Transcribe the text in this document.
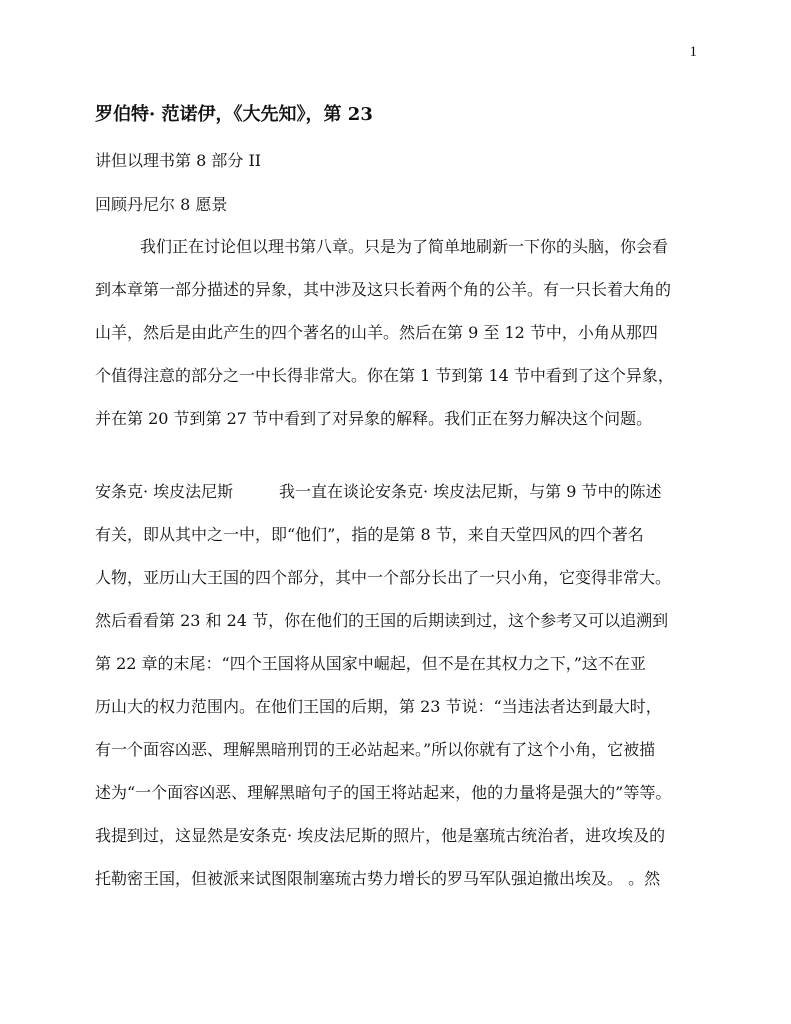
1
罗伯特· 范诺伊，《大先知》，第 23
讲但以理书第 8 部分 II
回顾丹尼尔 8 愿景
我们正在讨论但以理书第八章。只是为了简单地刷新一下你的头脑，你会看
到本章第一部分描述的异象，其中涉及这只长着两个角的公羊。有一只长着大角的
山羊，然后是由此产生的四个著名的山羊。然后在第 9 至 12 节中，小角从那四
个值得注意的部分之一中长得非常大。你在第 1 节到第 14 节中看到了这个异象，
并在第 20 节到第 27 节中看到了对异象的解释。我们正在努力解决这个问题。
安条克· 埃皮法尼斯	我一直在谈论安条克· 埃皮法尼斯，与第 9 节中的陈述
有关，即从其中之一中，即“他们”，指的是第 8 节，来自天堂四风的四个著名
人物，亚历山大王国的四个部分，其中一个部分长出了一只小角，它变得非常大。
然后看看第 23 和 24 节，你在他们的王国的后期读到过，这个参考又可以追溯到
第 22 章的末尾：“四个王国将从国家中崛起，但不是在其权力之下，”这不在亚
历山大的权力范围内。在他们王国的后期，第 23 节说：“当违法者达到最大时，
有一个面容凶恶、理解黑暗刑罚的王必站起来。”所以你就有了这个小角，它被描
述为“一个面容凶恶、理解黑暗句子的国王将站起来，他的力量将是强大的”等等。
我提到过，这显然是安条克· 埃皮法尼斯的照片，他是塞琉古统治者，进攻埃及的
托勒密王国，但被派来试图限制塞琉古势力增长的罗马军队强迫撤出埃及。 。然
